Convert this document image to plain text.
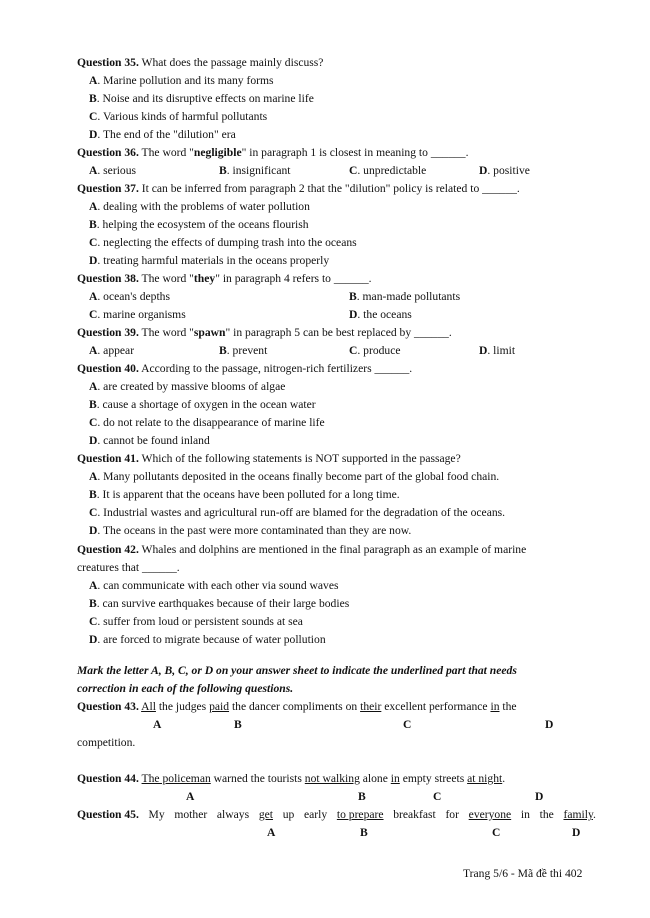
Question 35. What does the passage mainly discuss?
A. Marine pollution and its many forms
B. Noise and its disruptive effects on marine life
C. Various kinds of harmful pollutants
D. The end of the "dilution" era
Question 36. The word "negligible" in paragraph 1 is closest in meaning to ______.
A. serious	B. insignificant	C. unpredictable	D. positive
Question 37. It can be inferred from paragraph 2 that the "dilution" policy is related to ______.
A. dealing with the problems of water pollution
B. helping the ecosystem of the oceans flourish
C. neglecting the effects of dumping trash into the oceans
D. treating harmful materials in the oceans properly
Question 38. The word "they" in paragraph 4 refers to ______.
A. ocean's depths	B. man-made pollutants
C. marine organisms	D. the oceans
Question 39. The word "spawn" in paragraph 5 can be best replaced by ______.
A. appear	B. prevent	C. produce	D. limit
Question 40. According to the passage, nitrogen-rich fertilizers ______.
A. are created by massive blooms of algae
B. cause a shortage of oxygen in the ocean water
C. do not relate to the disappearance of marine life
D. cannot be found inland
Question 41. Which of the following statements is NOT supported in the passage?
A. Many pollutants deposited in the oceans finally become part of the global food chain.
B. It is apparent that the oceans have been polluted for a long time.
C. Industrial wastes and agricultural run-off are blamed for the degradation of the oceans.
D. The oceans in the past were more contaminated than they are now.
Question 42. Whales and dolphins are mentioned in the final paragraph as an example of marine
creatures that ______.
A. can communicate with each other via sound waves
B. can survive earthquakes because of their large bodies
C. suffer from loud or persistent sounds at sea
D. are forced to migrate because of water pollution
Mark the letter A, B, C, or D on your answer sheet to indicate the underlined part that needs
correction in each of the following questions.
Question 43. All the judges paid the dancer compliments on their excellent performance in the
A	B	C	D
competition.
Question 44. The policeman warned the tourists not walking alone in empty streets at night.
A	B	C	D
Question 45. My mother always get up early to prepare breakfast for everyone in the family.
A	B	C	D
Trang 5/6 - Mã đề thi 402
